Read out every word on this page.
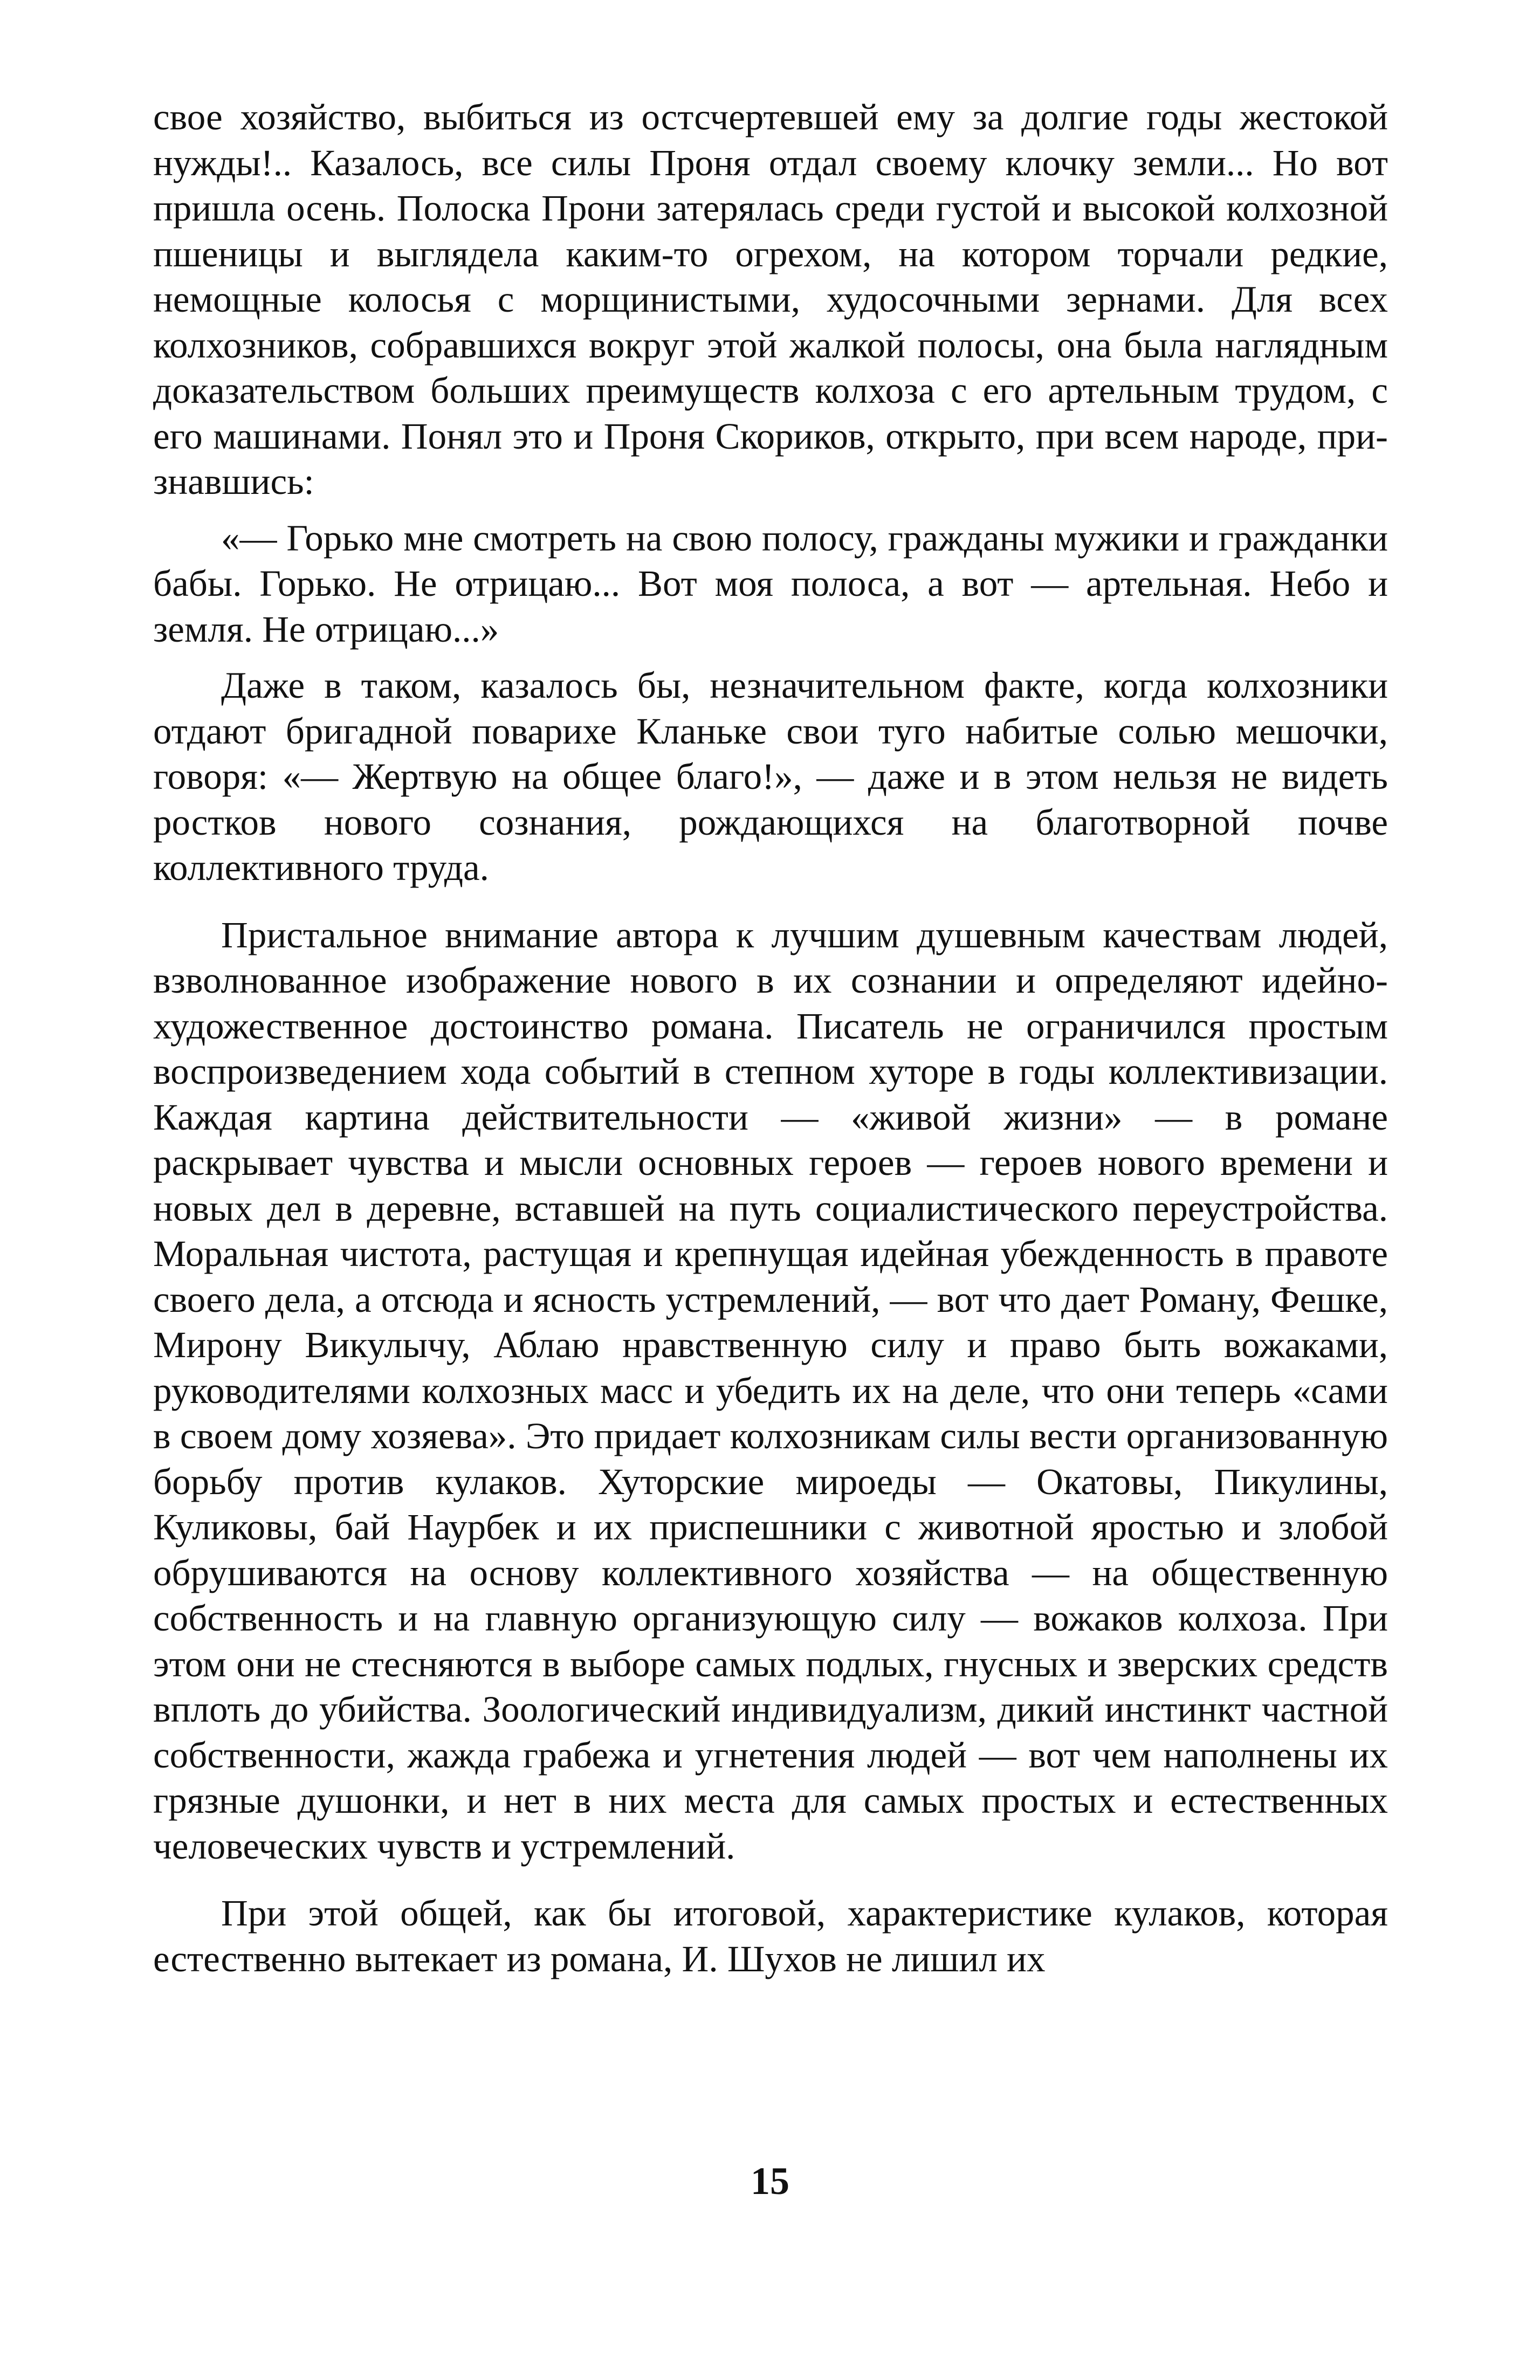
свое хозяйство, выбиться из остсчертевшей ему за долгие годы жестокой нужды!.. Казалось, все силы Проня отдал своему клочку земли... Но вот пришла осень. Полоска Прони затерялась среди густой и высокой колхозной пшеницы и выглядела каким-то огрехом, на котором торчали редкие, немощные колосья с морщинистыми, худосочными зернами. Для всех колхозников, собравшихся вокруг этой жалкой полосы, она была наглядным доказательством больших преимуществ колхоза с его артельным трудом, с его машинами. Понял это и Проня Скориков, открыто, при всем народе, признавшись:

«— Горько мне смотреть на свою полосу, гражданы мужики и гражданки бабы. Горько. Не отрицаю... Вот моя полоса, а вот — артельная. Небо и земля. Не отрицаю...»

Даже в таком, казалось бы, незначительном факте, когда колхозники отдают бригадной поварихе Кланьке свои туго набитые солью мешочки, говоря: «— Жертвую на общее благо!», — даже и в этом нельзя не видеть ростков нового сознания, рождающихся на благотворной почве коллективного труда.

Пристальное внимание автора к лучшим душевным качествам людей, взволнованное изображение нового в их сознании и определяют идейно-художественное достоинство романа. Писатель не ограничился простым воспроизведением хода событий в степном хуторе в годы коллективизации. Каждая картина действительности — «живой жизни» — в романе раскрывает чувства и мысли основных героев — героев нового времени и новых дел в деревне, вставшей на путь социалистического переустройства. Моральная чистота, растущая и крепнущая идейная убежденность в правоте своего дела, а отсюда и ясность устремлений, — вот что дает Роману, Фешке, Мирону Викулычу, Аблаю нравственную силу и право быть вожаками, руководителями колхозных масс и убедить их на деле, что они теперь «сами в своем дому хозяева». Это придает колхозникам силы вести организованную борьбу против кулаков. Хуторские мироеды — Окатовы, Пикулины, Куликовы, бай Наурбек и их приспешники с животной яростью и злобой обрушиваются на основу коллективного хозяйства — на общественную собственность и на главную организующую силу — вожаков колхоза. При этом они не стесняются в выборе самых подлых, гнусных и зверских средств вплоть до убийства. Зоологический индивидуализм, дикий инстинкт частной собственности, жажда грабежа и угнетения людей — вот чем наполнены их грязные душонки, и нет в них места для самых простых и естественных человеческих чувств и устремлений.

При этой общей, как бы итоговой, характеристике кулаков, которая естественно вытекает из романа, И. Шухов не лишил их

15
